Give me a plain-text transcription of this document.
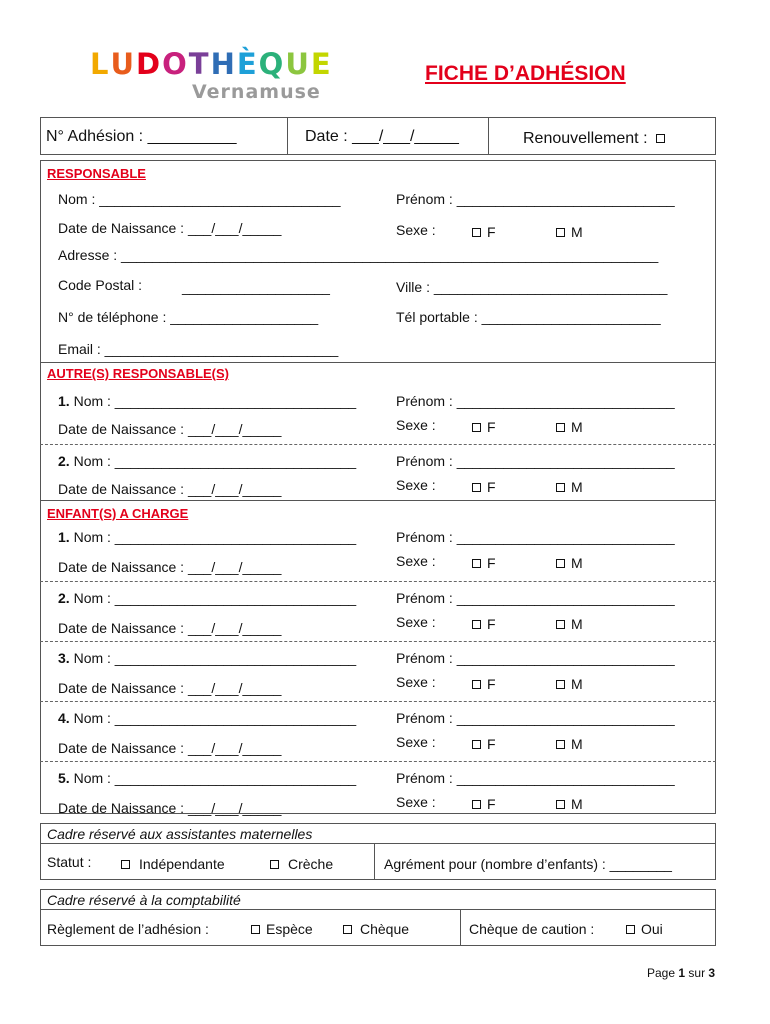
LUDOTHÈQUE
Vernamuse
FICHE D’ADHÉSION
N° Adhésion : __________	Date : ___/___/_____	Renouvellement :
RESPONSABLE
Nom : _______________________________	Prénom : ____________________________
Date de Naissance : ___/___/_____	Sexe :	F	M
Adresse : _____________________________________________________________________
Code Postal :	___________________	Ville : ______________________________
N° de téléphone : ___________________	Tél portable : _______________________
Email : ______________________________
AUTRE(S) RESPONSABLE(S)
1. Nom : _______________________________	Prénom : ____________________________
Date de Naissance : ___/___/_____	Sexe :	F	M
2. Nom : _______________________________	Prénom : ____________________________
Date de Naissance : ___/___/_____	Sexe :	F	M
ENFANT(S) A CHARGE
1. Nom : _______________________________	Prénom : ____________________________
Date de Naissance : ___/___/_____	Sexe :	F	M
2. Nom : _______________________________	Prénom : ____________________________
Date de Naissance : ___/___/_____	Sexe :	F	M
3. Nom : _______________________________	Prénom : ____________________________
Date de Naissance : ___/___/_____	Sexe :	F	M
4. Nom : _______________________________	Prénom : ____________________________
Date de Naissance : ___/___/_____	Sexe :	F	M
5. Nom : _______________________________	Prénom : ____________________________
Date de Naissance : ___/___/_____	Sexe :	F	M
Cadre réservé aux assistantes maternelles
Statut :	Indépendante	Crèche	Agrément pour (nombre d’enfants) : ________
Cadre réservé à la comptabilité
Règlement de l’adhésion :	Espèce	Chèque	Chèque de caution :	Oui
Page 1 sur 3
